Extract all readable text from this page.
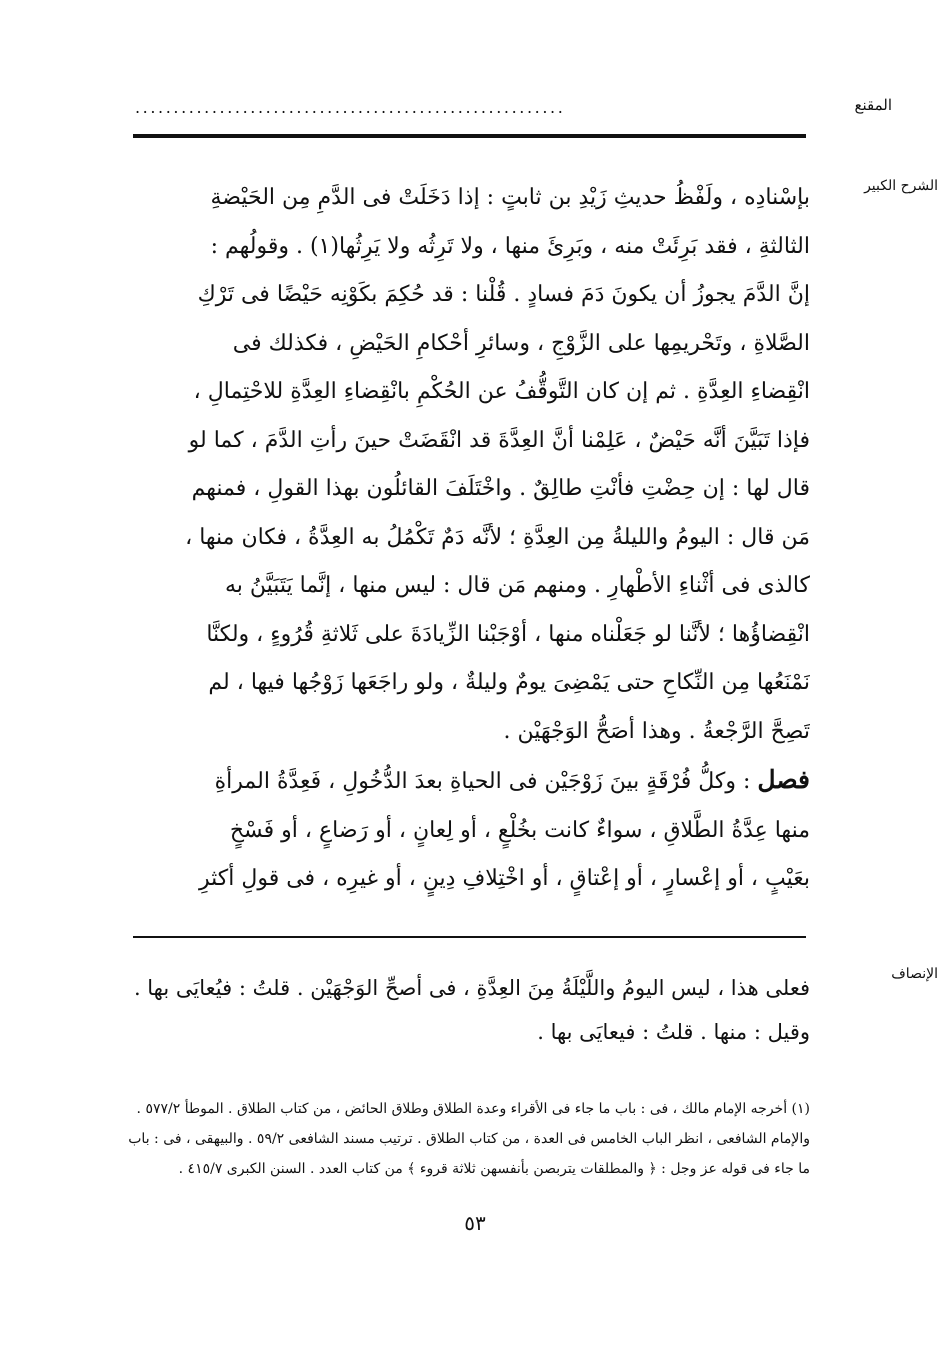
المقنع
........................................................
الشرح الكبير
بإسْنادِه ، ولَفْظُ حديثِ زَيْدِ بن ثابتٍ : إذا دَخَلَتْ فى الدَّمِ مِن الحَيْضةِ
الثالثةِ ، فقد بَرِئَتْ منه ، وبَرِئَ منها ، ولا تَرِثُه ولا يَرِثُها(١) . وقولُهم :
إنَّ الدَّمَ يجوزُ أن يكونَ دَمَ فسادٍ . قُلْنا : قد حُكِمَ بكَوْنِه حَيْضًا فى تَرْكِ
الصَّلاةِ ، وتَحْريمِها على الزَّوْجِ ، وسائرِ أحْكامِ الحَيْضِ ، فكذلك فى
انْقِضاءِ العِدَّةِ . ثم إن كان التَّوقُّفُ عن الحُكْمِ بانْقِضاءِ العِدَّةِ للاحْتِمالِ ،
فإذا تَبَيَّنَ أنَّه حَيْضٌ ، عَلِمْنا أنَّ العِدَّةَ قد انْقَضَتْ حينَ رأتِ الدَّمَ ، كما لو
قال لها : إن حِضْتِ فأنْتِ طالِقٌ . واخْتَلَفَ القائلُون بهذا القولِ ، فمنهم
مَن قال : اليومُ والليلةُ مِن العِدَّةِ ؛ لأنَّه دَمٌ تَكْمُلُ به العِدَّةُ ، فكان منها ،
كالذى فى أثْناءِ الأطْهارِ . ومنهم مَن قال : ليس منها ، إنَّما يَتَبَيَّنُ به
انْقِضاؤُها ؛ لأنَّنا لو جَعَلْناه منها ، أوْجَبْنا الزِّيادَةَ على ثَلاثةِ قُرُوءٍ ، ولكنَّا
نَمْنَعُها مِن النِّكاحِ حتى يَمْضِىَ يومٌ وليلةٌ ، ولو راجَعَها زَوْجُها فيها ، لم
تَصِحَّ الرَّجْعةُ . وهذا أصَحُّ الوَجْهَيْن .
فصل : وكلُّ فُرْقَةٍ بينَ زَوْجَيْن فى الحياةِ بعدَ الدُّخُولِ ، فَعِدَّةُ المرأةِ
منها عِدَّةُ الطَّلاقِ ، سواءٌ كانت بخُلْعٍ ، أو لِعانٍ ، أو رَضاعٍ ، أو فَسْخٍ
بعَيْبٍ ، أو إعْسارٍ ، أو إعْتاقٍ ، أو اخْتِلافِ دِينٍ ، أو غيرِه ، فى قولِ أكثرِ
الإنصاف
فعلى هذا ، ليس اليومُ واللَّيْلَةُ مِنَ العِدَّةِ ، فى أصحِّ الوَجْهَيْن . قلتُ : فيُعايَى بها .
وقيل : منها . قلتُ : فيعايَى بها .
(١) أخرجه الإمام مالك ، فى : باب ما جاء فى الأقراء وعدة الطلاق وطلاق الحائض ، من كتاب الطلاق . الموطأ ٥٧٧/٢ .
والإمام الشافعى ، انظر الباب الخامس فى العدة ، من كتاب الطلاق . ترتيب مسند الشافعى ٥٩/٢ . والبيهقى ، فى : باب
ما جاء فى قوله عز وجل : ﴿ والمطلقات يتربصن بأنفسهن ثلاثة قروء ﴾ من كتاب العدد . السنن الكبرى ٤١٥/٧ .
٥٣
